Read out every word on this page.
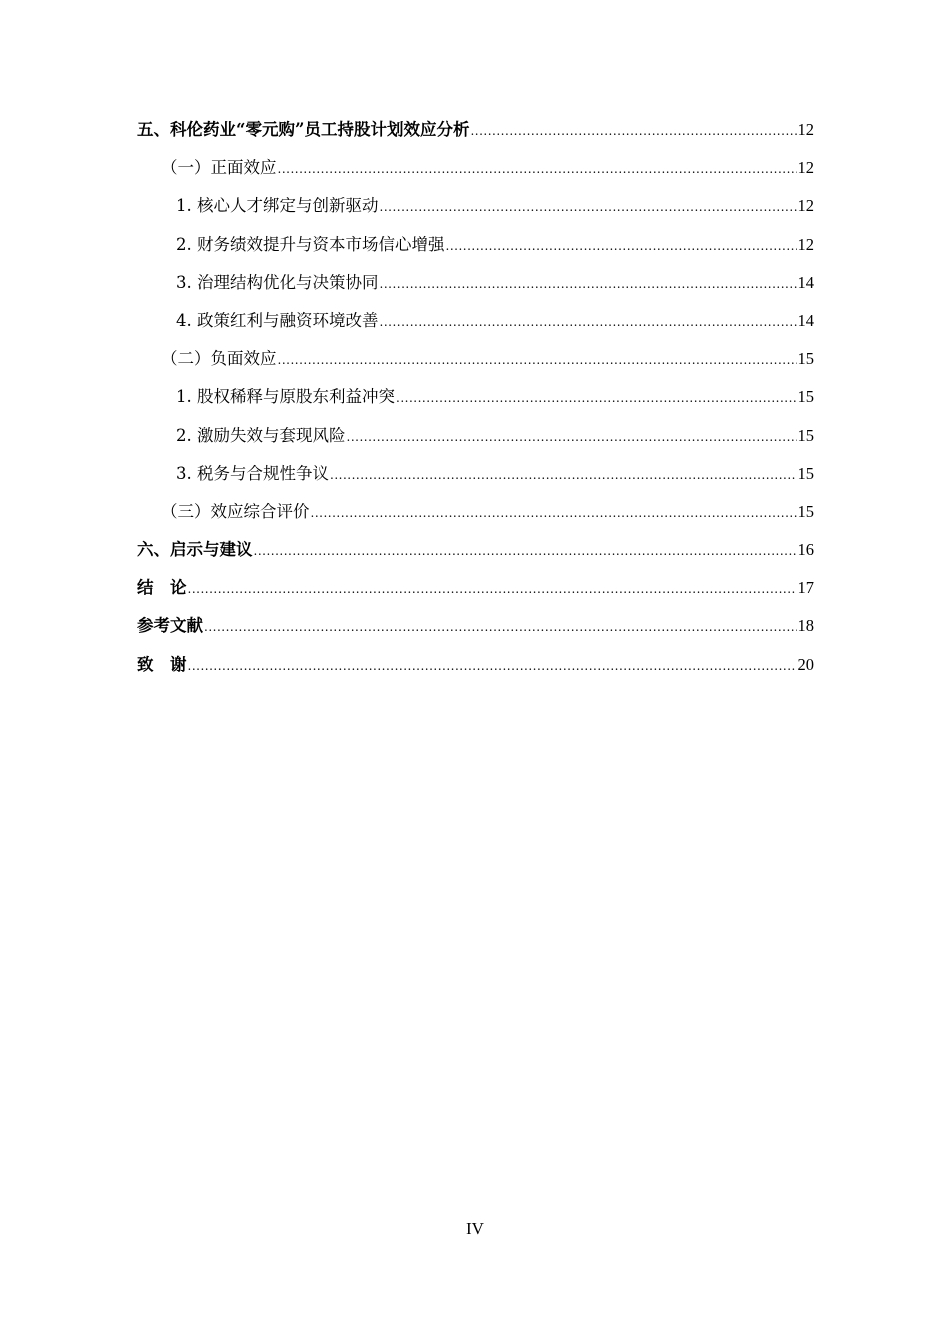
五、科伦药业“零元购”员工持股计划效应分析 .....	12
（一）正面效应 .....	12
1. 核心人才绑定与创新驱动 .....	12
2. 财务绩效提升与资本市场信心增强 .....	12
3. 治理结构优化与决策协同 .....	14
4. 政策红利与融资环境改善 .....	14
（二）负面效应 .....	15
1. 股权稀释与原股东利益冲突 .....	15
2. 激励失效与套现风险 .....	15
3. 税务与合规性争议 .....	15
（三）效应综合评价 .....	15
六、启示与建议 .....	16
结　论 .....	17
参考文献 .....	18
致　谢 .....	20
IV
